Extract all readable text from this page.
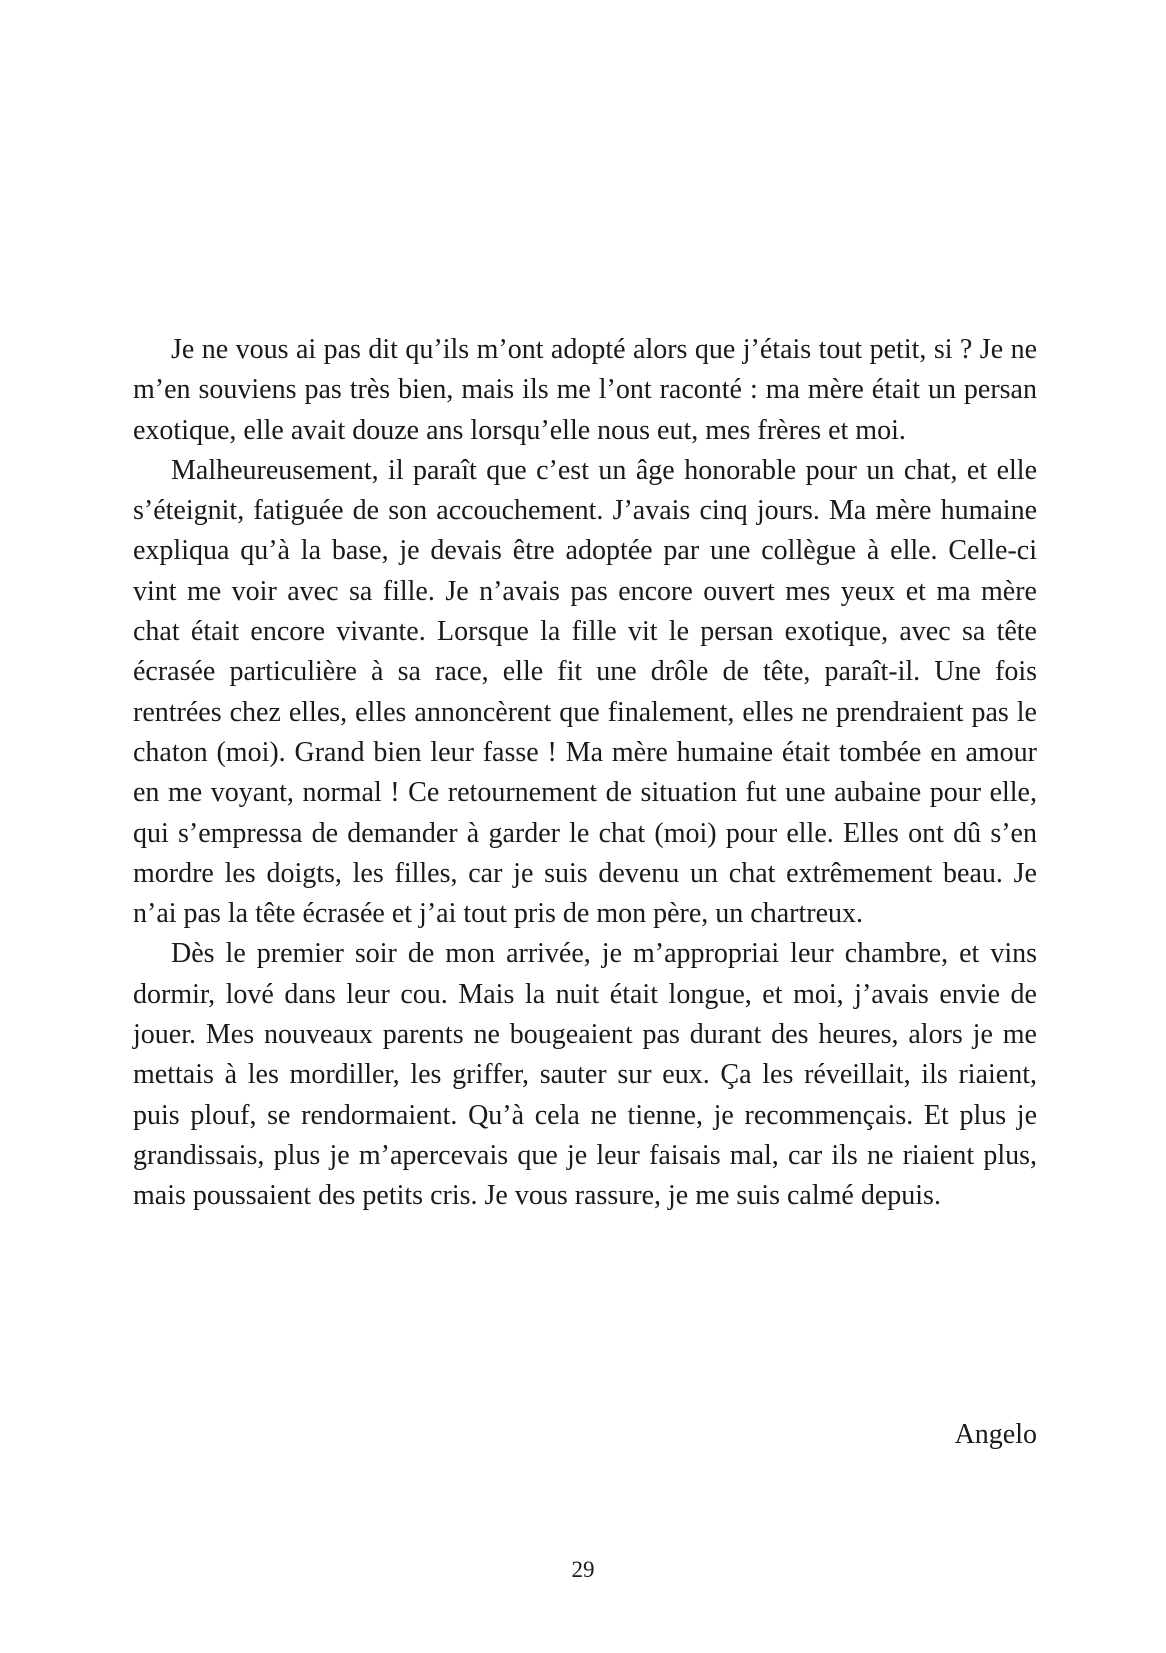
Je ne vous ai pas dit qu’ils m’ont adopté alors que j’étais tout petit, si ? Je ne m’en souviens pas très bien, mais ils me l’ont raconté : ma mère était un persan exotique, elle avait douze ans lorsqu’elle nous eut, mes frères et moi.

Malheureusement, il paraît que c’est un âge honorable pour un chat, et elle s’éteignit, fatiguée de son accouchement. J’avais cinq jours. Ma mère humaine expliqua qu’à la base, je devais être adoptée par une collègue à elle. Celle-ci vint me voir avec sa fille. Je n’avais pas encore ouvert mes yeux et ma mère chat était encore vivante. Lorsque la fille vit le persan exotique, avec sa tête écrasée particulière à sa race, elle fit une drôle de tête, paraît-il. Une fois rentrées chez elles, elles annoncèrent que finalement, elles ne prendraient pas le chaton (moi). Grand bien leur fasse ! Ma mère humaine était tombée en amour en me voyant, normal ! Ce retournement de situation fut une aubaine pour elle, qui s’empressa de demander à garder le chat (moi) pour elle. Elles ont dû s’en mordre les doigts, les filles, car je suis devenu un chat extrêmement beau. Je n’ai pas la tête écrasée et j’ai tout pris de mon père, un chartreux.

Dès le premier soir de mon arrivée, je m’appropriai leur chambre, et vins dormir, lové dans leur cou. Mais la nuit était longue, et moi, j’avais envie de jouer. Mes nouveaux parents ne bougeaient pas durant des heures, alors je me mettais à les mordiller, les griffer, sauter sur eux. Ça les réveillait, ils riaient, puis plouf, se rendormaient. Qu’à cela ne tienne, je recommençais. Et plus je grandissais, plus je m’apercevais que je leur faisais mal, car ils ne riaient plus, mais poussaient des petits cris. Je vous rassure, je me suis calmé depuis.

Angelo
29
